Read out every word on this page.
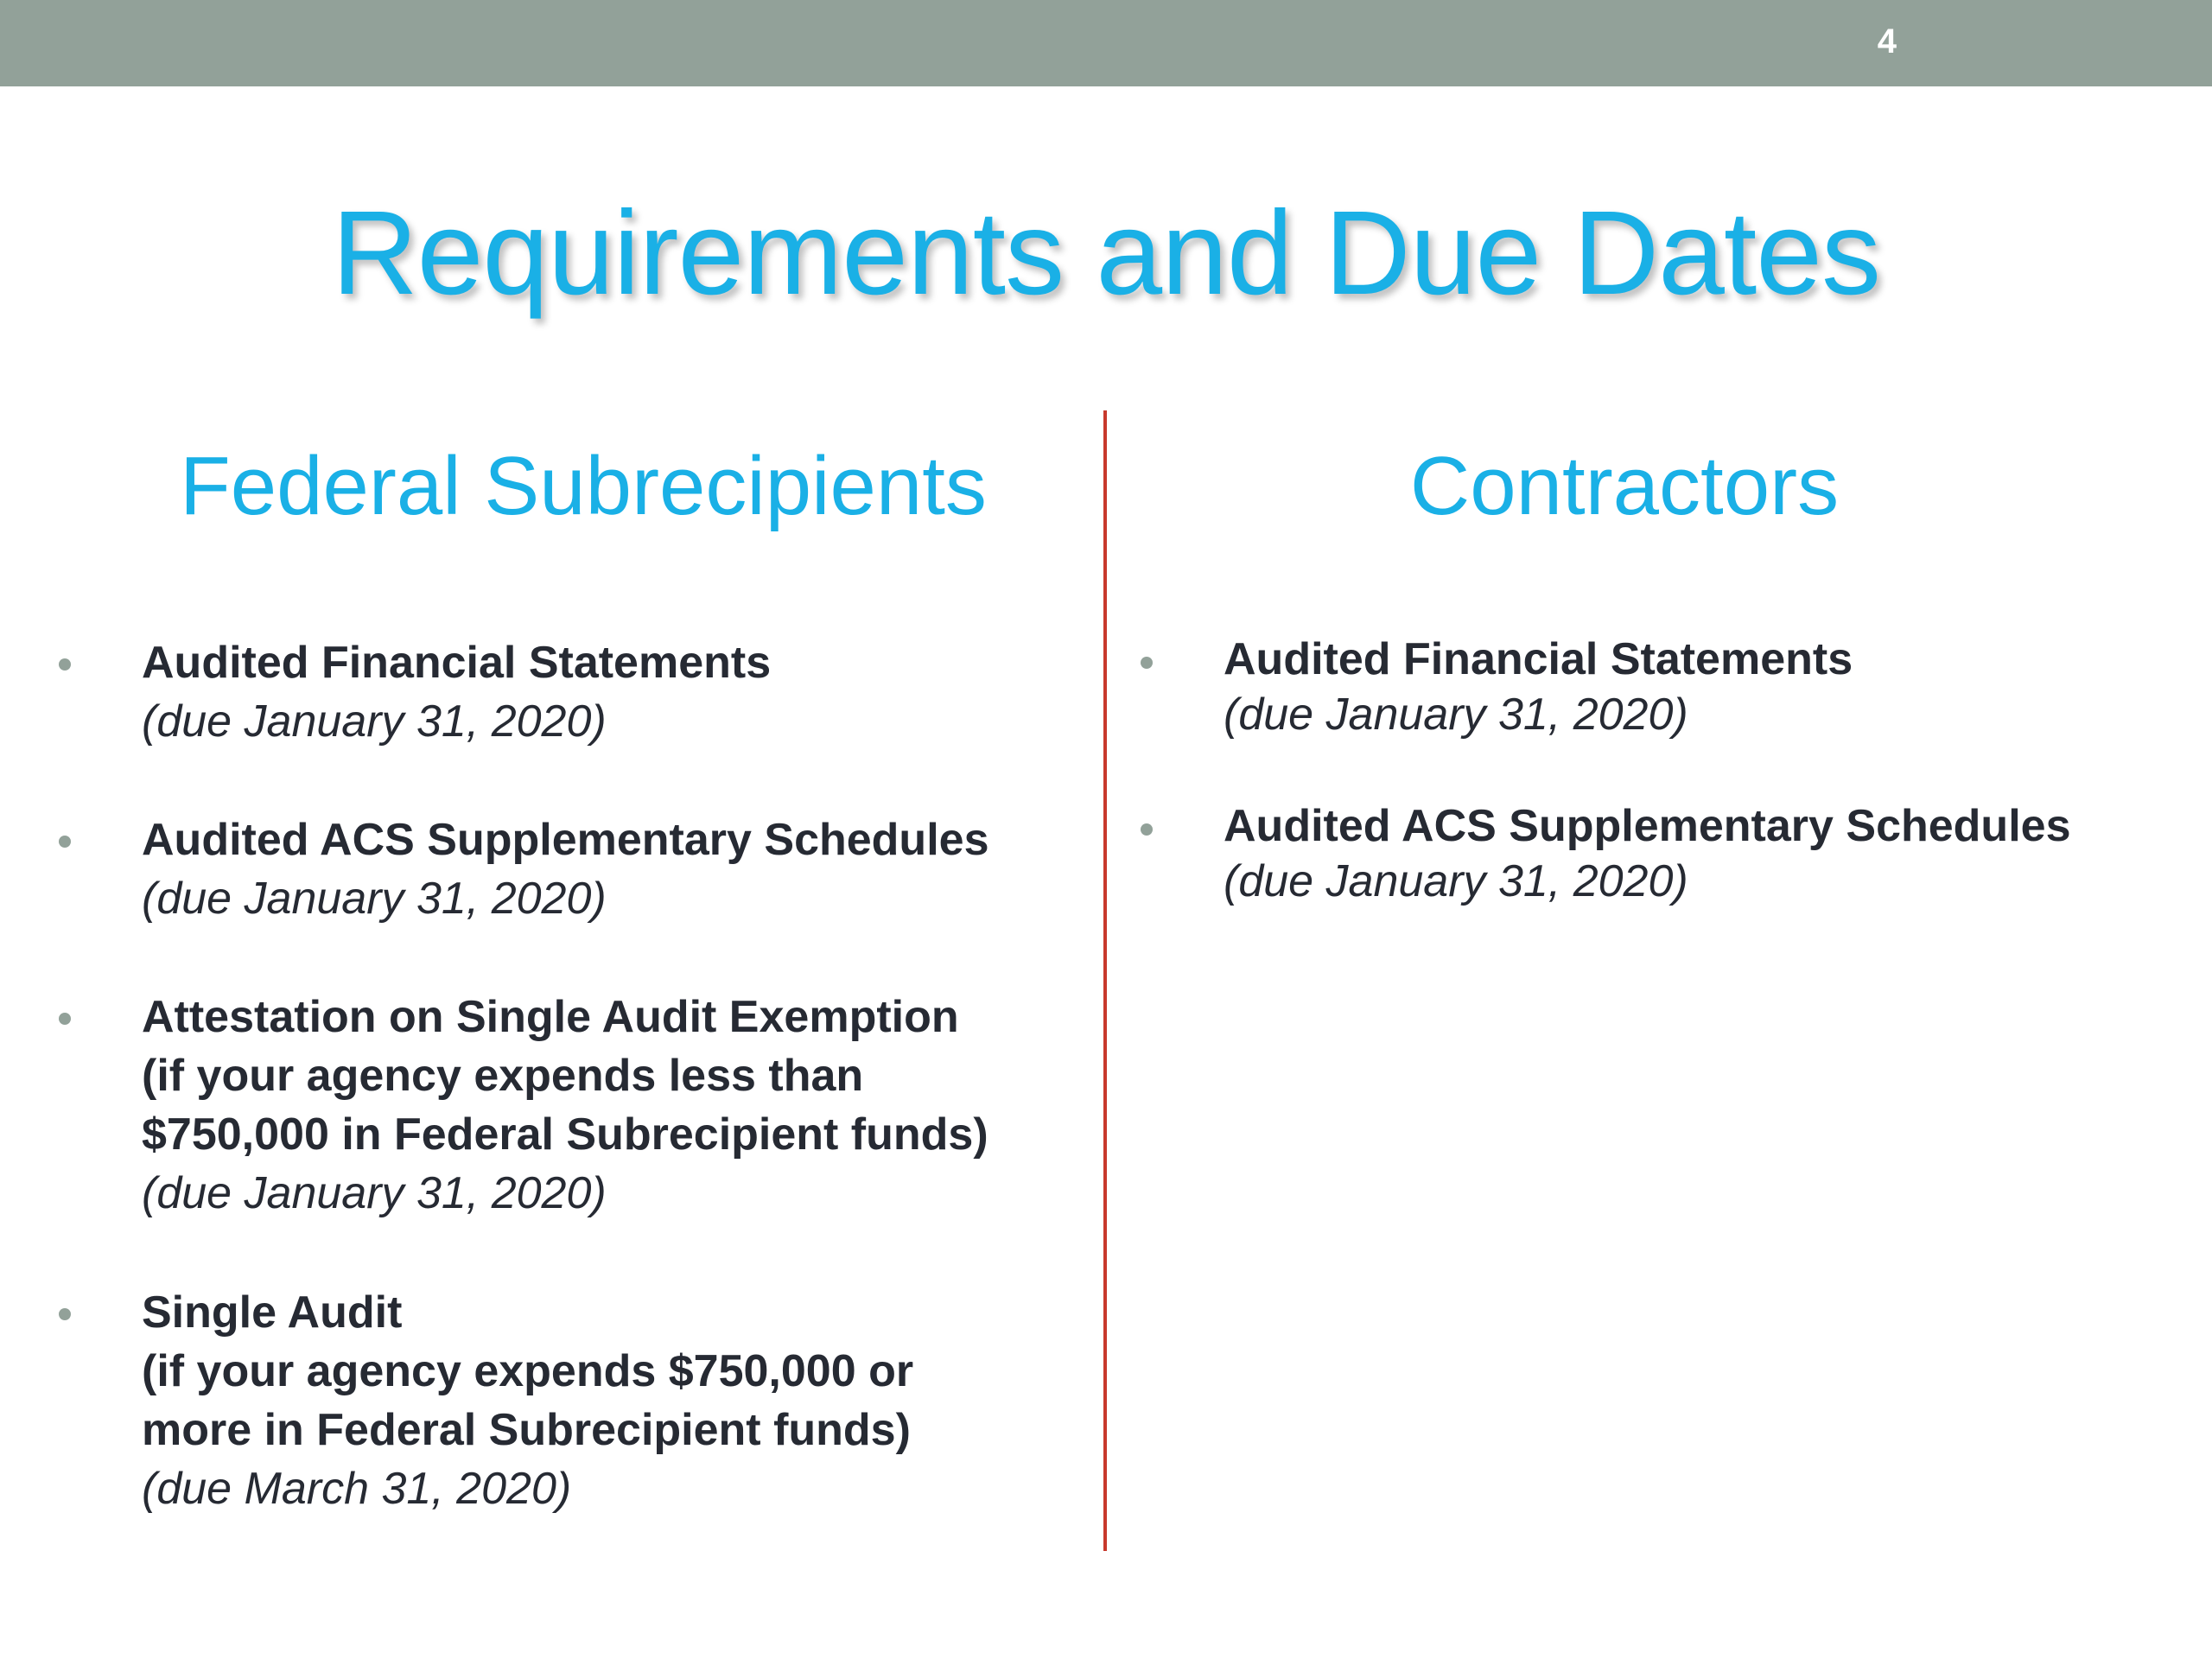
4
Requirements and Due Dates
Federal Subrecipients	Contractors
Audited Financial Statements
(due January 31, 2020)
Audited ACS Supplementary Schedules
(due January 31, 2020)
Attestation on Single Audit Exemption
(if your agency expends less than
$750,000 in Federal Subrecipient funds)
(due January 31, 2020)
Single Audit
(if your agency expends $750,000 or
more in Federal Subrecipient funds)
(due March 31, 2020)
Audited Financial Statements
(due January 31, 2020)
Audited ACS Supplementary Schedules
(due January 31, 2020)
